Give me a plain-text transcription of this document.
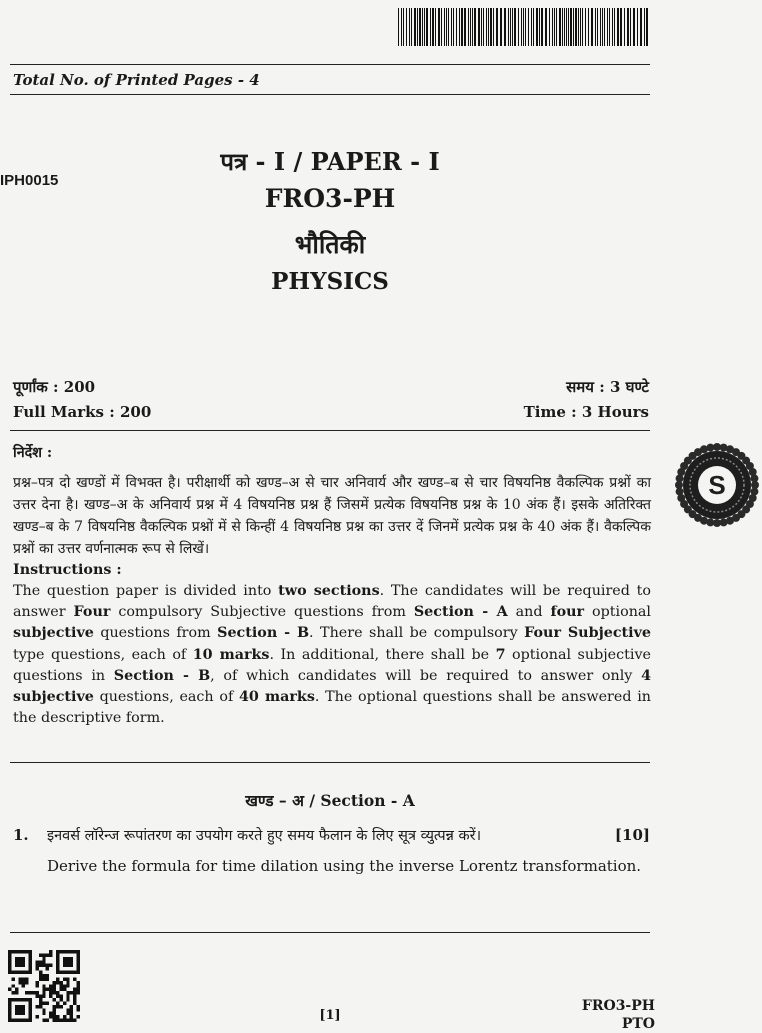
Total No. of Printed Pages - 4
IPH0015
पत्र - I / PAPER - I
FRO3-PH
भौतिकी
PHYSICS
पूर्णांक : 200
Full Marks : 200
समय : 3 घण्टे
Time : 3 Hours
निर्देश :
प्रश्न–पत्र दो खण्डों में विभक्त है। परीक्षार्थी को खण्ड–अ से चार अनिवार्य और खण्ड–ब से चार विषयनिष्ठ वैकल्पिक प्रश्नों का उत्तर देना है। खण्ड–अ के अनिवार्य प्रश्न में 4 विषयनिष्ठ प्रश्न हैं जिसमें प्रत्येक विषयनिष्ठ प्रश्न के 10 अंक हैं। इसके अतिरिक्त खण्ड–ब के 7 विषयनिष्ठ वैकल्पिक प्रश्नों में से किन्हीं 4 विषयनिष्ठ प्रश्न का उत्तर दें जिनमें प्रत्येक प्रश्न के 40 अंक हैं। वैकल्पिक प्रश्नों का उत्तर वर्णनात्मक रूप से लिखें।
Instructions :
The question paper is divided into two sections. The candidates will be required to answer Four compulsory Subjective questions from Section - A and four optional subjective questions from Section - B. There shall be compulsory Four Subjective type questions, each of 10 marks. In additional, there shall be 7 optional subjective questions in Section - B, of which candidates will be required to answer only 4 subjective questions, each of 40 marks. The optional questions shall be answered in the descriptive form.
खण्ड – अ / Section - A
1. इनवर्स लॉरेन्ज रूपांतरण का उपयोग करते हुए समय फैलान के लिए सूत्र व्युत्पन्न करें।	[10]
Derive the formula for time dilation using the inverse Lorentz transformation.
[1]
FRO3-PH
PTO
S
